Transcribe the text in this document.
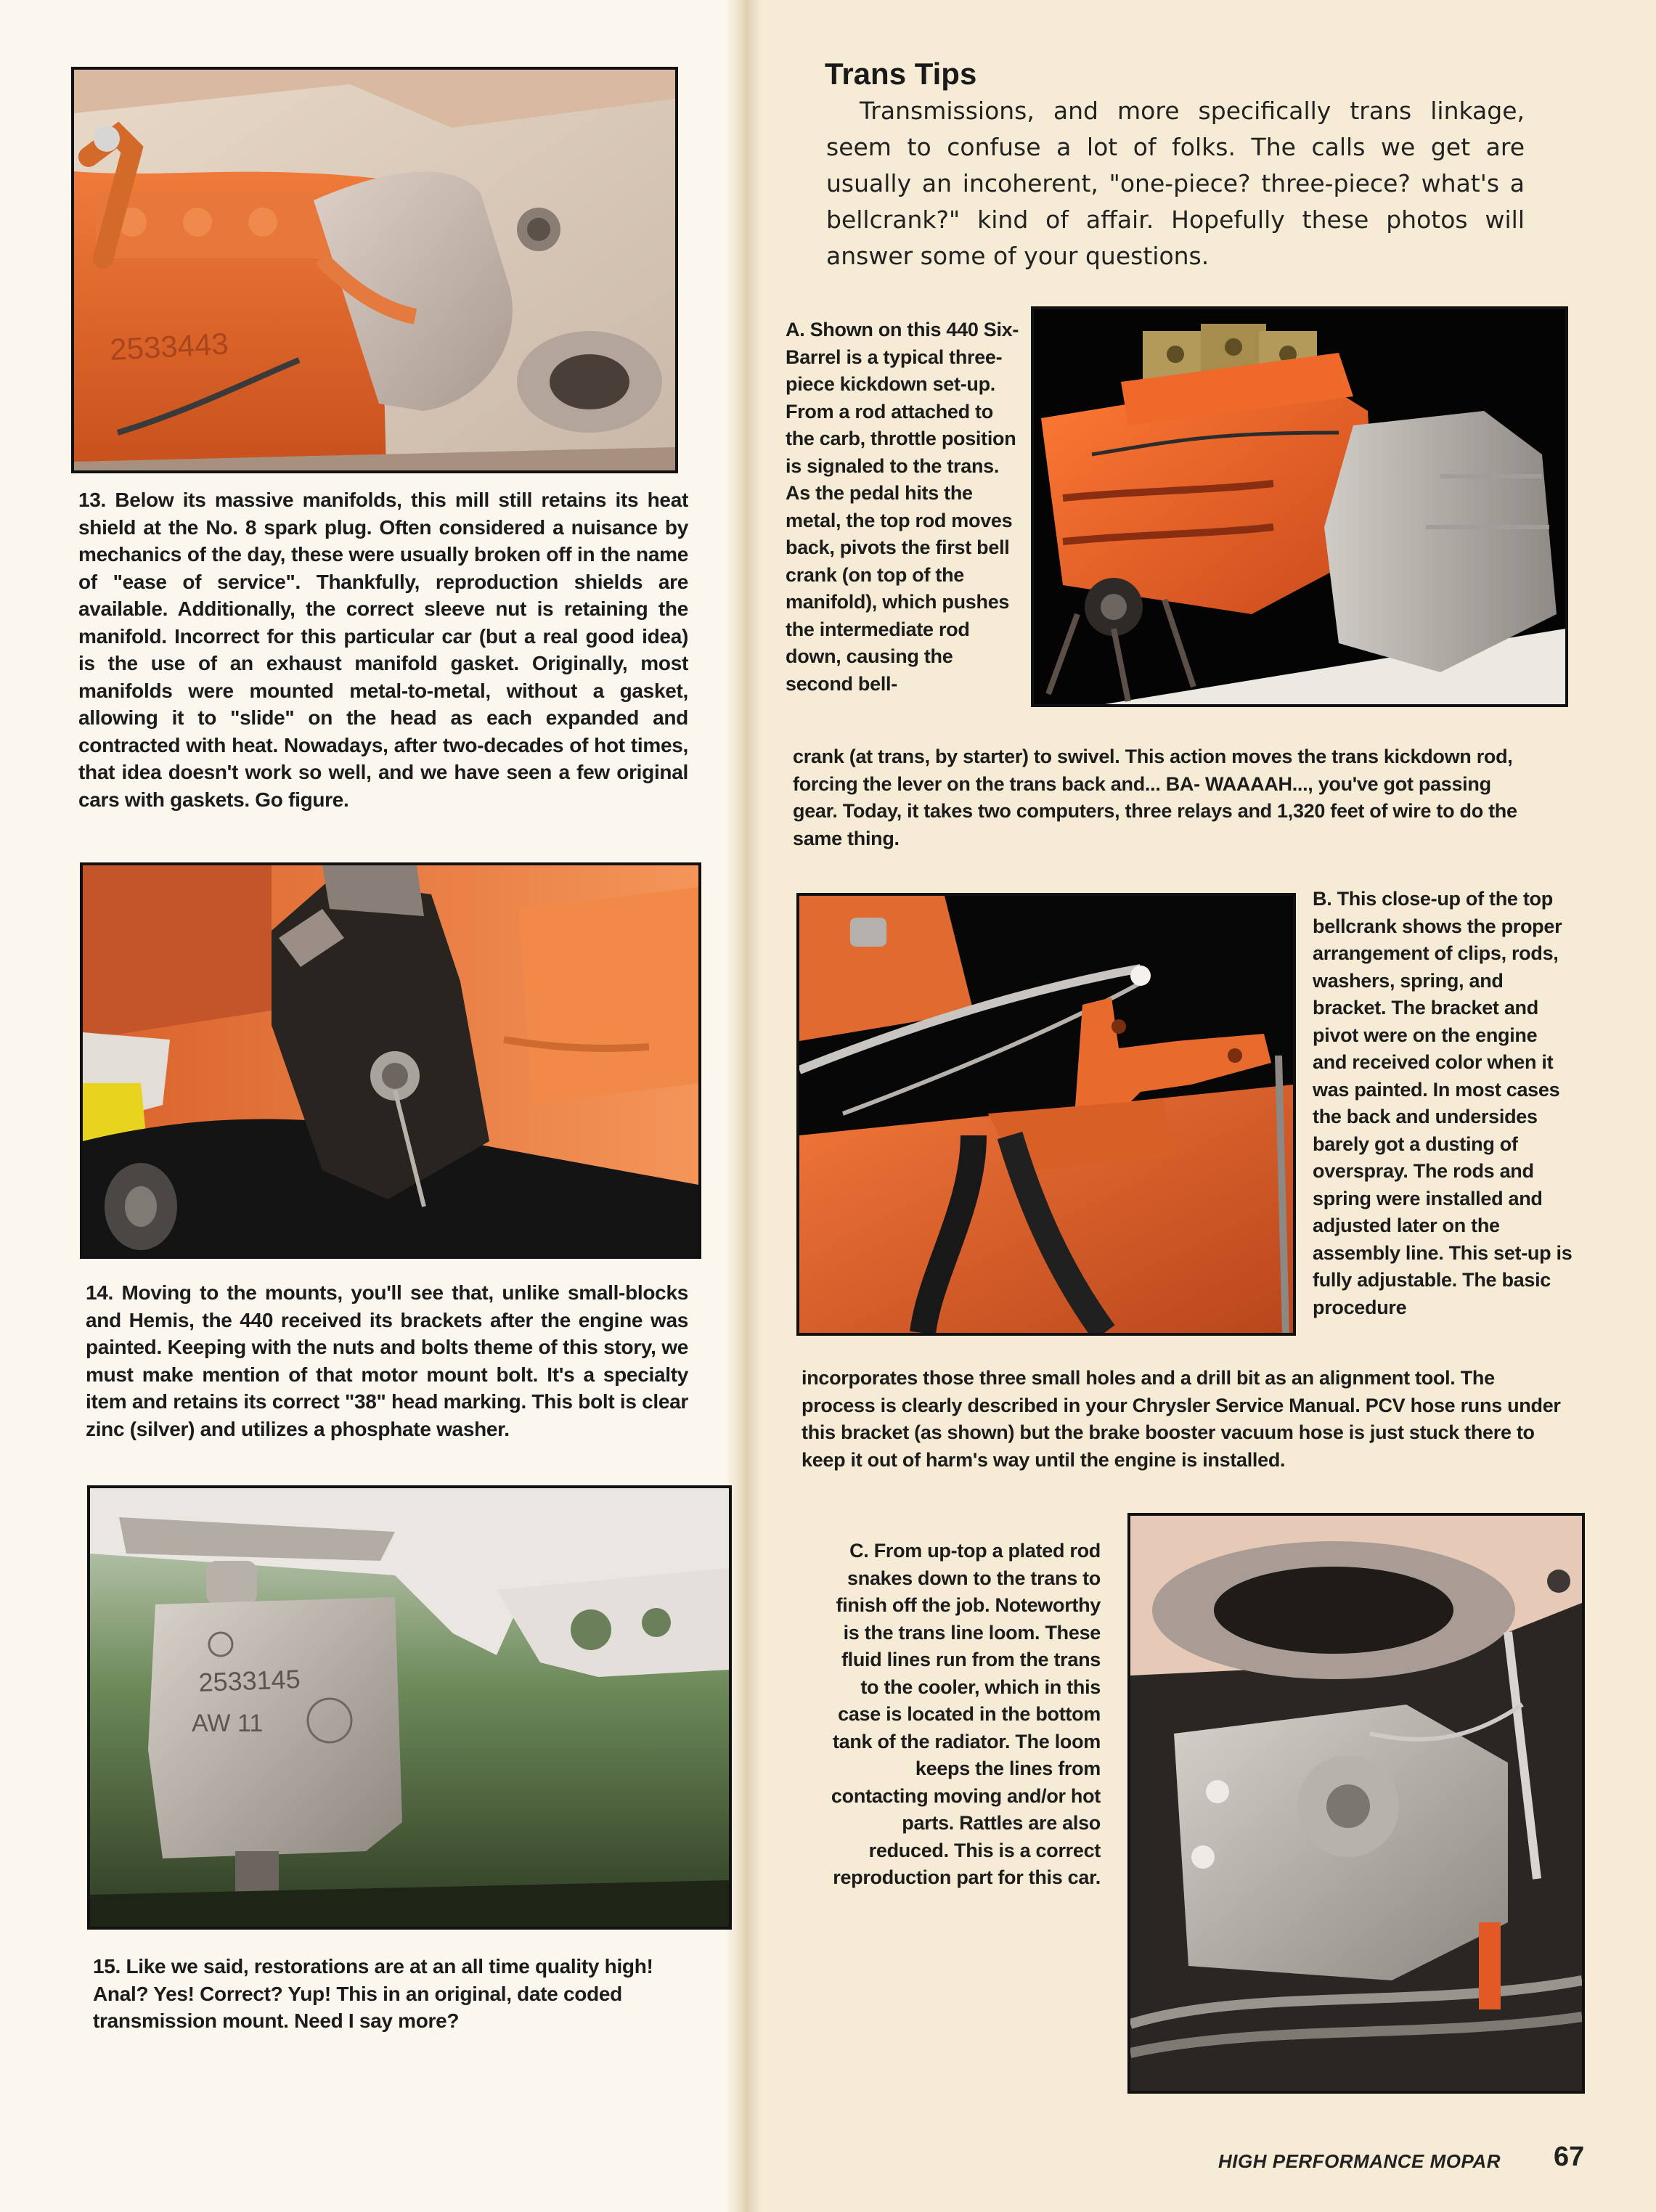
2533443
13. Below its massive manifolds, this mill still retains its heat shield at the No. 8 spark plug. Often considered a nuisance by mechanics of the day, these were usually broken off in the name of "ease of service". Thankfully, reproduction shields are available. Additionally, the correct sleeve nut is retaining the manifold. Incorrect for this particular car (but a real good idea) is the use of an exhaust manifold gasket. Originally, most manifolds were mounted metal-to-metal, without a gasket, allowing it to "slide" on the head as each expanded and contracted with heat. Nowadays, after two-decades of hot times, that idea doesn't work so well, and we have seen a few original cars with gaskets. Go figure.
14. Moving to the mounts, you'll see that, unlike small-blocks and Hemis, the 440 received its brackets after the engine was painted. Keeping with the nuts and bolts theme of this story, we must make mention of that motor mount bolt. It's a specialty item and retains its correct "38" head marking. This bolt is clear zinc (silver) and utilizes a phosphate washer.
2533145
AW 11
15. Like we said, restorations are at an all time quality high! Anal? Yes! Correct? Yup! This in an original, date coded transmission mount. Need I say more?
Trans Tips
Transmissions, and more specifically trans linkage, seem to confuse a lot of folks. The calls we get are usually an incoherent, "one-piece? three-piece? what's a bellcrank?" kind of affair. Hopefully these photos will answer some of your questions.
A. Shown on this 440 Six-Barrel is a typical three-piece kickdown set-up. From a rod attached to the carb, throttle position is signaled to the trans. As the pedal hits the metal, the top rod moves back, pivots the first bell crank (on top of the manifold), which pushes the intermediate rod down, causing the second bell-
crank (at trans, by starter) to swivel. This action moves the trans kickdown rod, forcing the lever on the trans back and... BA- WAAAAH..., you've got passing gear. Today, it takes two computers, three relays and 1,320 feet of wire to do the same thing.
B. This close-up of the top bellcrank shows the proper arrangement of clips, rods, washers, spring, and bracket. The bracket and pivot were on the engine and received color when it was painted. In most cases the back and undersides barely got a dusting of overspray. The rods and spring were installed and adjusted later on the assembly line. This set-up is fully adjustable. The basic procedure
incorporates those three small holes and a drill bit as an alignment tool. The process is clearly described in your Chrysler Service Manual. PCV hose runs under this bracket (as shown) but the brake booster vacuum hose is just stuck there to keep it out of harm's way until the engine is installed.
C. From up-top a plated rod snakes down to the trans to finish off the job. Noteworthy is the trans line loom. These fluid lines run from the trans to the cooler, which in this case is located in the bottom tank of the radiator. The loom keeps the lines from contacting moving and/or hot parts. Rattles are also reduced. This is a correct reproduction part for this car.
HIGH PERFORMANCE MOPAR 67
